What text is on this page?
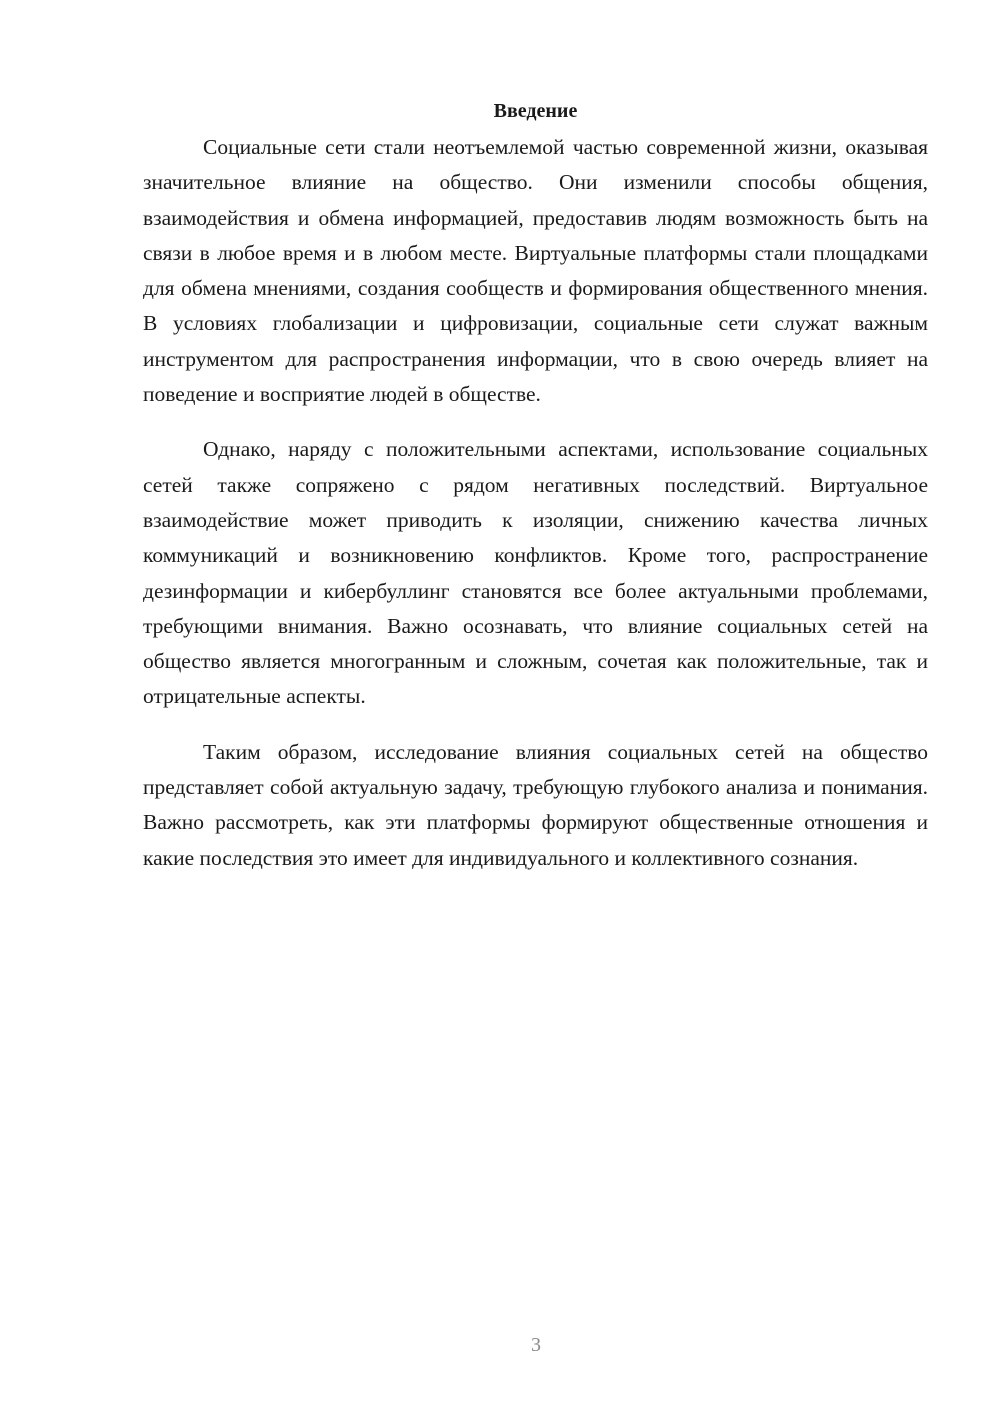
Введение

Социальные сети стали неотъемлемой частью современной жизни, оказывая значительное влияние на общество. Они изменили способы общения, взаимодействия и обмена информацией, предоставив людям возможность быть на связи в любое время и в любом месте. Виртуальные платформы стали площадками для обмена мнениями, создания сообществ и формирования общественного мнения. В условиях глобализации и цифровизации, социальные сети служат важным инструментом для распространения информации, что в свою очередь влияет на поведение и восприятие людей в обществе.

Однако, наряду с положительными аспектами, использование социальных сетей также сопряжено с рядом негативных последствий. Виртуальное взаимодействие может приводить к изоляции, снижению качества личных коммуникаций и возникновению конфликтов. Кроме того, распространение дезинформации и кибербуллинг становятся все более актуальными проблемами, требующими внимания. Важно осознавать, что влияние социальных сетей на общество является многогранным и сложным, сочетая как положительные, так и отрицательные аспекты.

Таким образом, исследование влияния социальных сетей на общество представляет собой актуальную задачу, требующую глубокого анализа и понимания. Важно рассмотреть, как эти платформы формируют общественные отношения и какие последствия это имеет для индивидуального и коллективного сознания.

3
